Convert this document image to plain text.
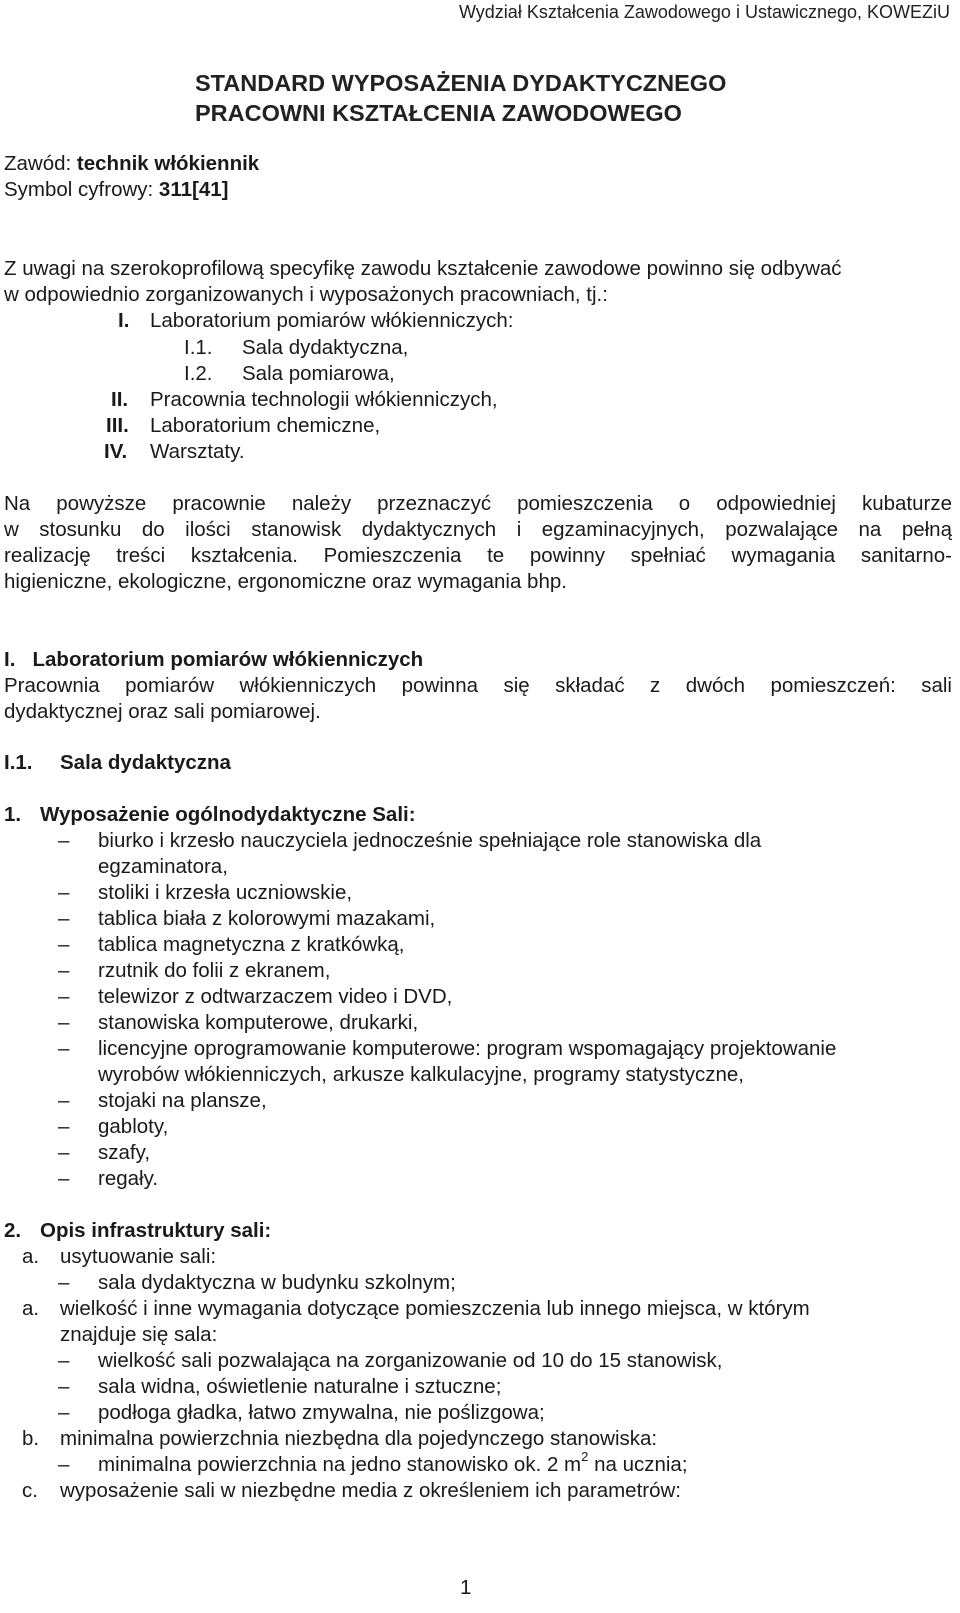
Wydział Kształcenia Zawodowego i Ustawicznego, KOWEZiU
STANDARD WYPOSAŻENIA DYDAKTYCZNEGO
PRACOWNI KSZTAŁCENIA ZAWODOWEGO
Zawód: technik włókiennik
Symbol cyfrowy: 311[41]
Z uwagi na szerokoprofilową specyfikę zawodu kształcenie zawodowe powinno się odbywać
w odpowiednio zorganizowanych i wyposażonych pracowniach, tj.:
I. Laboratorium pomiarów włókienniczych:
I.1. Sala dydaktyczna,
I.2. Sala pomiarowa,
II. Pracownia technologii włókienniczych,
III. Laboratorium chemiczne,
IV. Warsztaty.
Na powyższe pracownie należy przeznaczyć pomieszczenia o odpowiedniej kubaturze
w stosunku do ilości stanowisk dydaktycznych i egzaminacyjnych, pozwalające na pełną
realizację treści kształcenia. Pomieszczenia te powinny spełniać wymagania sanitarno-
higieniczne, ekologiczne, ergonomiczne oraz wymagania bhp.
I. Laboratorium pomiarów włókienniczych
Pracownia pomiarów włókienniczych powinna się składać z dwóch pomieszczeń: sali
dydaktycznej oraz sali pomiarowej.
I.1. Sala dydaktyczna
1. Wyposażenie ogólnodydaktyczne Sali:
– biurko i krzesło nauczyciela jednocześnie spełniające role stanowiska dla
egzaminatora,
– stoliki i krzesła uczniowskie,
– tablica biała z kolorowymi mazakami,
– tablica magnetyczna z kratkówką,
– rzutnik do folii z ekranem,
– telewizor z odtwarzaczem video i DVD,
– stanowiska komputerowe, drukarki,
– licencyjne oprogramowanie komputerowe: program wspomagający projektowanie
wyrobów włókienniczych, arkusze kalkulacyjne, programy statystyczne,
– stojaki na plansze,
– gabloty,
– szafy,
– regały.
2. Opis infrastruktury sali:
a. usytuowanie sali:
– sala dydaktyczna w budynku szkolnym;
a. wielkość i inne wymagania dotyczące pomieszczenia lub innego miejsca, w którym
znajduje się sala:
– wielkość sali pozwalająca na zorganizowanie od 10 do 15 stanowisk,
– sala widna, oświetlenie naturalne i sztuczne;
– podłoga gładka, łatwo zmywalna, nie poślizgowa;
b. minimalna powierzchnia niezbędna dla pojedynczego stanowiska:
– minimalna powierzchnia na jedno stanowisko ok. 2 $m^2$ na ucznia;
c. wyposażenie sali w niezbędne media z określeniem ich parametrów:
1
